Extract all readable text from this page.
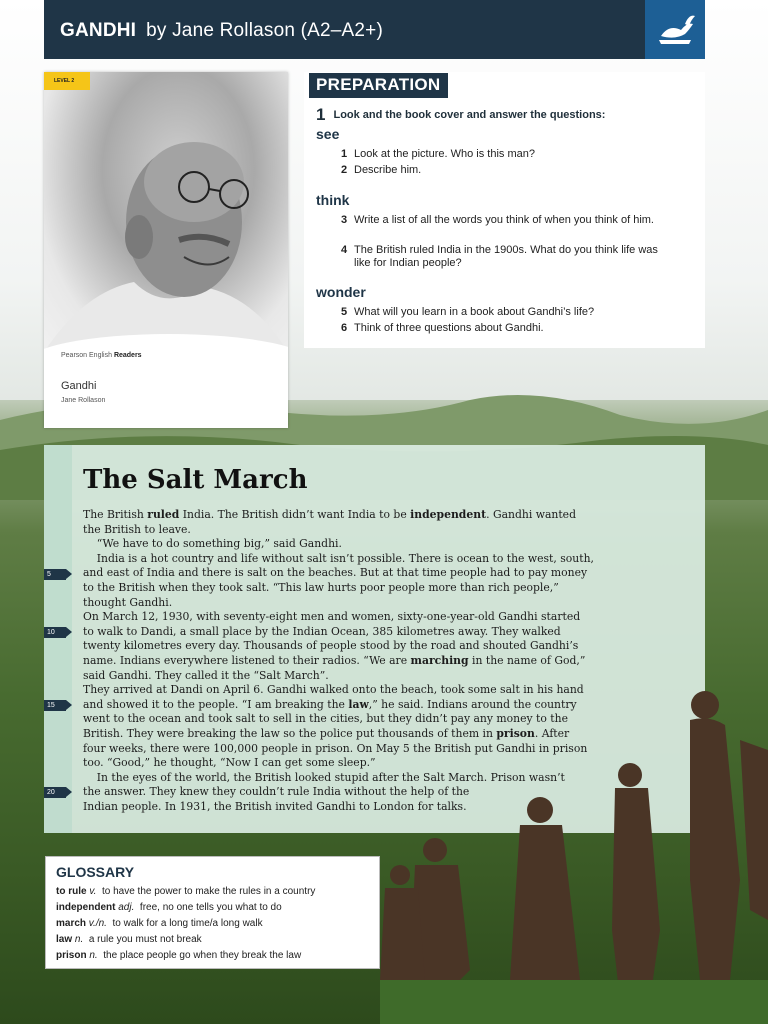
GANDHI by Jane Rollason (A2–A2+)
LEVEL 2
Pearson English Readers
Gandhi
Jane Rollason
PREPARATION
1 Look and the book cover and answer the questions:
see
1 Look at the picture. Who is this man?
2 Describe him.
think
3 Write a list of all the words you think of when you think of him.
4 The British ruled India in the 1900s. What do you think life was like for Indian people?
wonder
5 What will you learn in a book about Gandhi’s life?
6 Think of three questions about Gandhi.
The Salt March
The British ruled India. The British didn’t want India to be independent. Gandhi wanted
the British to leave.
“We have to do something big,” said Gandhi.
India is a hot country and life without salt isn’t possible. There is ocean to the west, south,
and east of India and there is salt on the beaches. But at that time people had to pay money
to the British when they took salt. “This law hurts poor people more than rich people,”
thought Gandhi.
On March 12, 1930, with seventy-eight men and women, sixty-one-year-old Gandhi started
to walk to Dandi, a small place by the Indian Ocean, 385 kilometres away. They walked
twenty kilometres every day. Thousands of people stood by the road and shouted Gandhi’s
name. Indians everywhere listened to their radios. “We are marching in the name of God,”
said Gandhi. They called it the “Salt March”.
They arrived at Dandi on April 6. Gandhi walked onto the beach, took some salt in his hand
and showed it to the people. “I am breaking the law,” he said. Indians around the country
went to the ocean and took salt to sell in the cities, but they didn’t pay any money to the
British. They were breaking the law so the police put thousands of them in prison. After
four weeks, there were 100,000 people in prison. On May 5 the British put Gandhi in prison
too. “Good,” he thought, “Now I can get some sleep.”
In the eyes of the world, the British looked stupid after the Salt March. Prison wasn’t
the answer. They knew they couldn’t rule India without the help of the
Indian people. In 1931, the British invited Gandhi to London for talks.
5
10
15
20
GLOSSARY
to rule v. to have the power to make the rules in a country
independent adj. free, no one tells you what to do
march v./n. to walk for a long time/a long walk
law n. a rule you must not break
prison n. the place people go when they break the law
